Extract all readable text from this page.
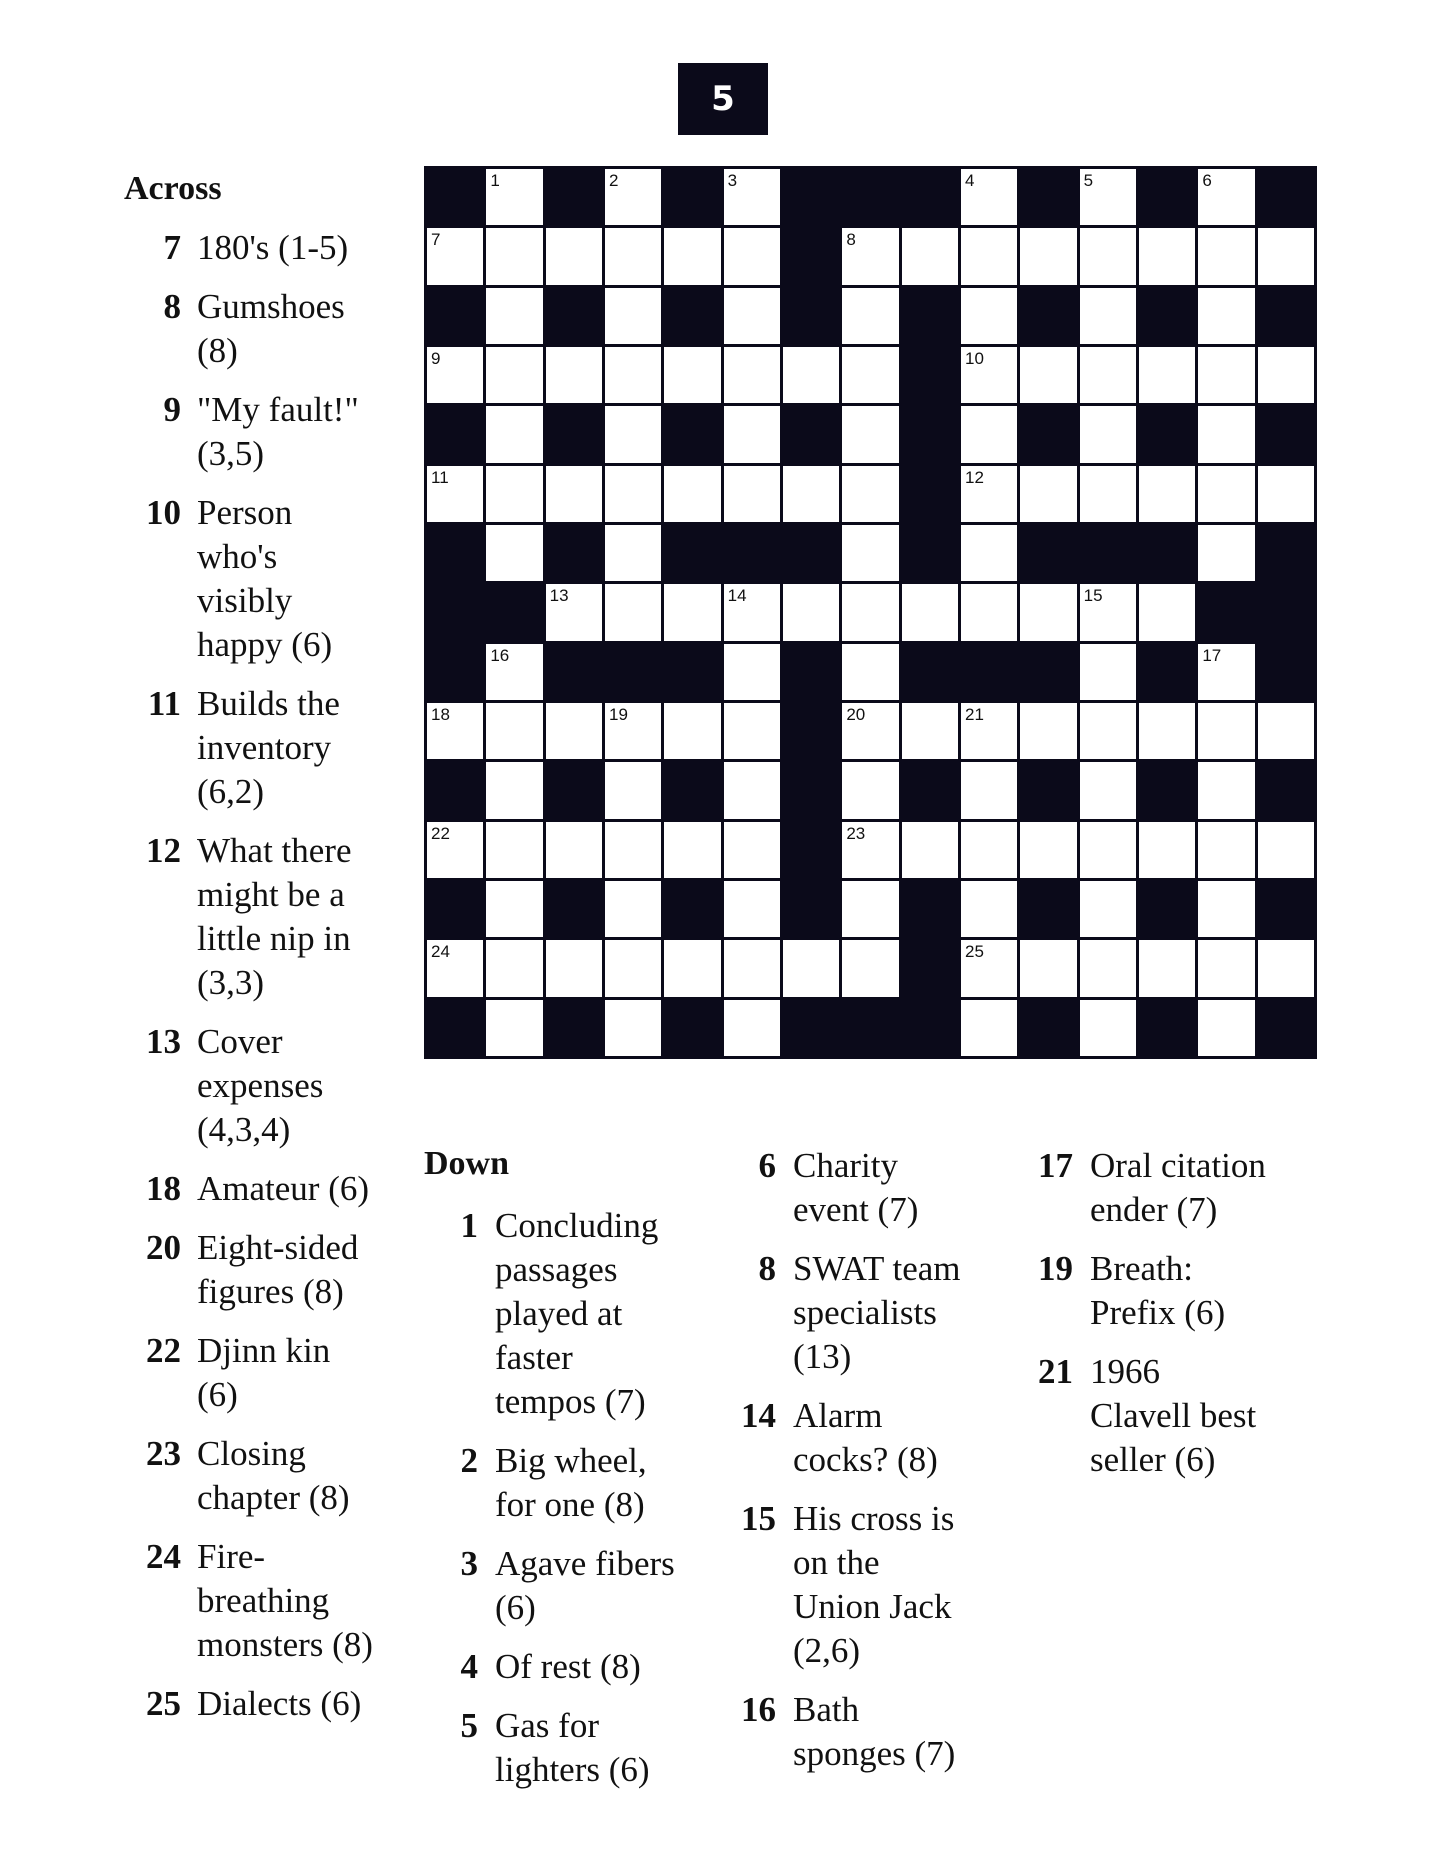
5
Across
7 180's (1-5)
8 Gumshoes
(8)
9 "My fault!"
(3,5)
10 Person
who's
visibly
happy (6)
11 Builds the
inventory
(6,2)
12 What there
might be a
little nip in
(3,3)
13 Cover
expenses
(4,3,4)
18 Amateur (6)
20 Eight-sided
figures (8)
22 Djinn kin
(6)
23 Closing
chapter (8)
24 Fire-
breathing
monsters (8)
25 Dialects (6)
1	2	3	4	5	6
7	8
9	10
11	12
13	14	15
16	17
18	19	20	21
22	23
24	25
Down
1 Concluding
passages
played at
faster
tempos (7)
2 Big wheel,
for one (8)
3 Agave fibers
(6)
4 Of rest (8)
5 Gas for
lighters (6)
6 Charity
event (7)
8 SWAT team
specialists
(13)
14 Alarm
cocks? (8)
15 His cross is
on the
Union Jack
(2,6)
16 Bath
sponges (7)
17 Oral citation
ender (7)
19 Breath:
Prefix (6)
21 1966
Clavell best
seller (6)
